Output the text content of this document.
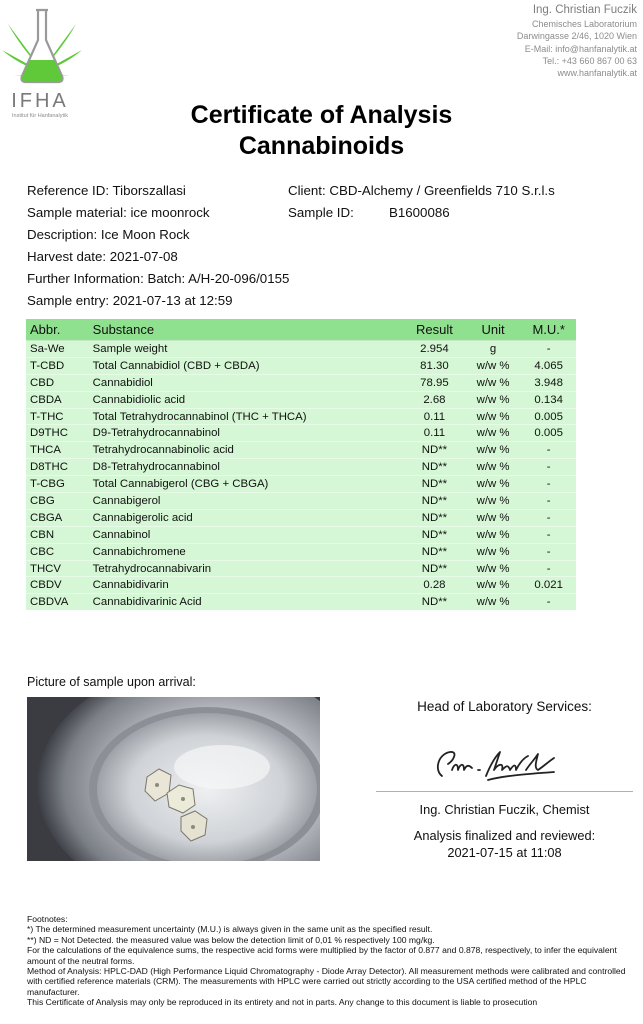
IFHA
Institut für Hanfanalytik
Ing. Christian Fuczik
Chemisches Laboratorium
Darwingasse 2/46, 1020 Wien
E-Mail: info@hanfanalytik.at
Tel.: +43 660 867 00 63
www.hanfanalytik.at
Certificate of Analysis
Cannabinoids
Reference ID: Tiborszallasi	Client: CBD-Alchemy / Greenfields 710 S.r.l.s
Sample material: ice moonrock	Sample ID:	B1600086
Description: Ice Moon Rock
Harvest date: 2021-07-08
Further Information: Batch: A/H-20-096/0155
Sample entry: 2021-07-13 at 12:59
Abbr.	Substance	Result	Unit	M.U.*
Sa-We	Sample weight	2.954	g	-
T-CBD	Total Cannabidiol (CBD + CBDA)	81.30	w/w %	4.065
CBD	Cannabidiol	78.95	w/w %	3.948
CBDA	Cannabidiolic acid	2.68	w/w %	0.134
T-THC	Total Tetrahydrocannabinol (THC + THCA)	0.11	w/w %	0.005
D9THC	D9-Tetrahydrocannabinol	0.11	w/w %	0.005
THCA	Tetrahydrocannabinolic acid	ND**	w/w %	-
D8THC	D8-Tetrahydrocannabinol	ND**	w/w %	-
T-CBG	Total Cannabigerol (CBG + CBGA)	ND**	w/w %	-
CBG	Cannabigerol	ND**	w/w %	-
CBGA	Cannabigerolic acid	ND**	w/w %	-
CBN	Cannabinol	ND**	w/w %	-
CBC	Cannabichromene	ND**	w/w %	-
THCV	Tetrahydrocannabivarin	ND**	w/w %	-
CBDV	Cannabidivarin	0.28	w/w %	0.021
CBDVA	Cannabidivarinic Acid	ND**	w/w %	-
Picture of sample upon arrival:
Head of Laboratory Services:
Ing. Christian Fuczik, Chemist
Analysis finalized and reviewed:
2021-07-15 at 11:08
Footnotes:
*) The determined measurement uncertainty (M.U.) is always given in the same unit as the specified result.
**) ND = Not Detected. the measured value was below the detection limit of 0,01 % respectively 100 mg/kg.
For the calculations of the equivalence sums, the respective acid forms were multiplied by the factor of 0.877 and 0.878, respectively, to infer the equivalent amount of the neutral forms.
Method of Analysis: HPLC-DAD (High Performance Liquid Chromatography - Diode Array Detector). All measurement methods were calibrated and controlled with certified reference materials (CRM). The measurements with HPLC were carried out strictly according to the USA certified method of the HPLC manufacturer.
This Certificate of Analysis may only be reproduced in its entirety and not in parts. Any change to this document is liable to prosecution
